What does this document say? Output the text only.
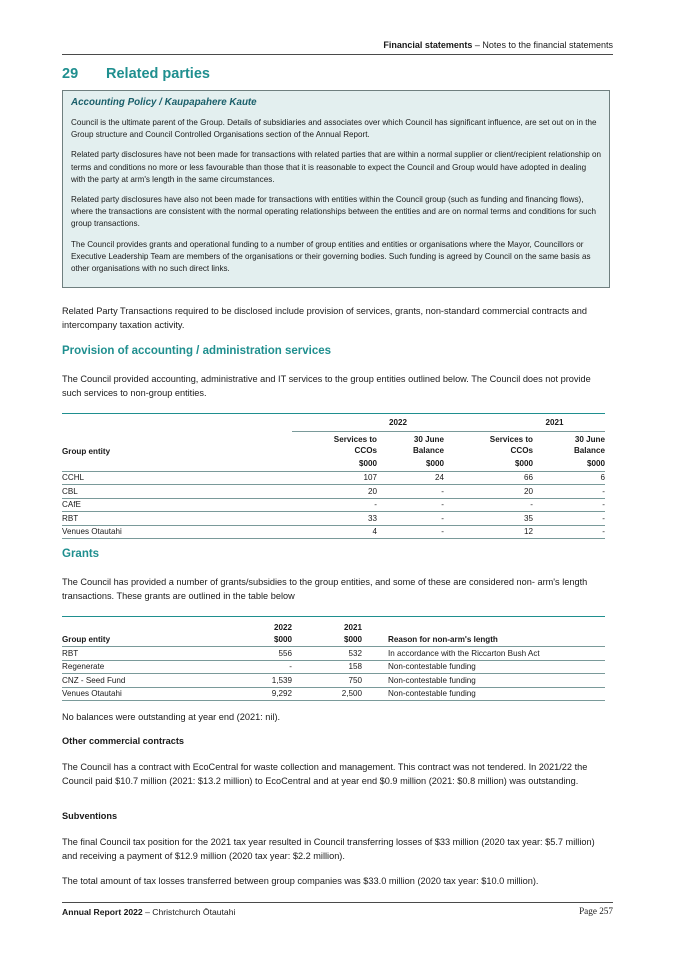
Financial statements – Notes to the financial statements
29 Related parties
Accounting Policy / Kaupapahere Kaute

Council is the ultimate parent of the Group. Details of subsidiaries and associates over which Council has significant influence, are set out on in the Group structure and Council Controlled Organisations section of the Annual Report.

Related party disclosures have not been made for transactions with related parties that are within a normal supplier or client/recipient relationship on terms and conditions no more or less favourable than those that it is reasonable to expect the Council and Group would have adopted in dealing with the party at arm's length in the same circumstances.

Related party disclosures have also not been made for transactions with entities within the Council group (such as funding and financing flows), where the transactions are consistent with the normal operating relationships between the entities and are on normal terms and conditions for such group transactions.

The Council provides grants and operational funding to a number of group entities and entities or organisations where the Mayor, Councillors or Executive Leadership Team are members of the organisations or their governing bodies. Such funding is agreed by Council on the same basis as other organisations with no such direct links.

Related Party Transactions required to be disclosed include provision of services, grants, non-standard commercial contracts and intercompany taxation activity.

Provision of accounting / administration services

The Council provided accounting, administrative and IT services to the group entities outlined below. The Council does not provide such services to non-group entities.

	2022		2021	
Group entity	Services to	30 June	Services to	30 June
	CCOs	Balance	CCOs	Balance
	$000	$000	$000	$000
CCHL	107	24	66	6
CBL	20	-	20	-
CAfE	-	-	-	-
RBT	33	-	35	-
Venues Otautahi	4	-	12	-
Grants

The Council has provided a number of grants/subsidies to the group entities, and some of these are considered non- arm's length transactions. These grants are outlined in the table below

	2022	2021		
Group entity	$000	$000		Reason for non-arm's length
RBT	556	532		In accordance with the Riccarton Bush Act
Regenerate	-	158		Non-contestable funding
CNZ - Seed Fund	1,539	750		Non-contestable funding
Venues Otautahi	9,292	2,500		Non-contestable funding

No balances were outstanding at year end (2021: nil).

Other commercial contracts

The Council has a contract with EcoCentral for waste collection and management. This contract was not tendered. In 2021/22 the Council paid $10.7 million (2021: $13.2 million) to EcoCentral and at year end $0.9 million (2021: $0.8 million) was outstanding.

Subventions

The final Council tax position for the 2021 tax year resulted in Council transferring losses of $33 million (2020 tax year: $5.7 million) and receiving a payment of $12.9 million (2020 tax year: $2.2 million).

The total amount of tax losses transferred between group companies was $33.0 million (2020 tax year: $10.0 million).

Annual Report 2022 – Christchurch Ōtautahi	Page 257
